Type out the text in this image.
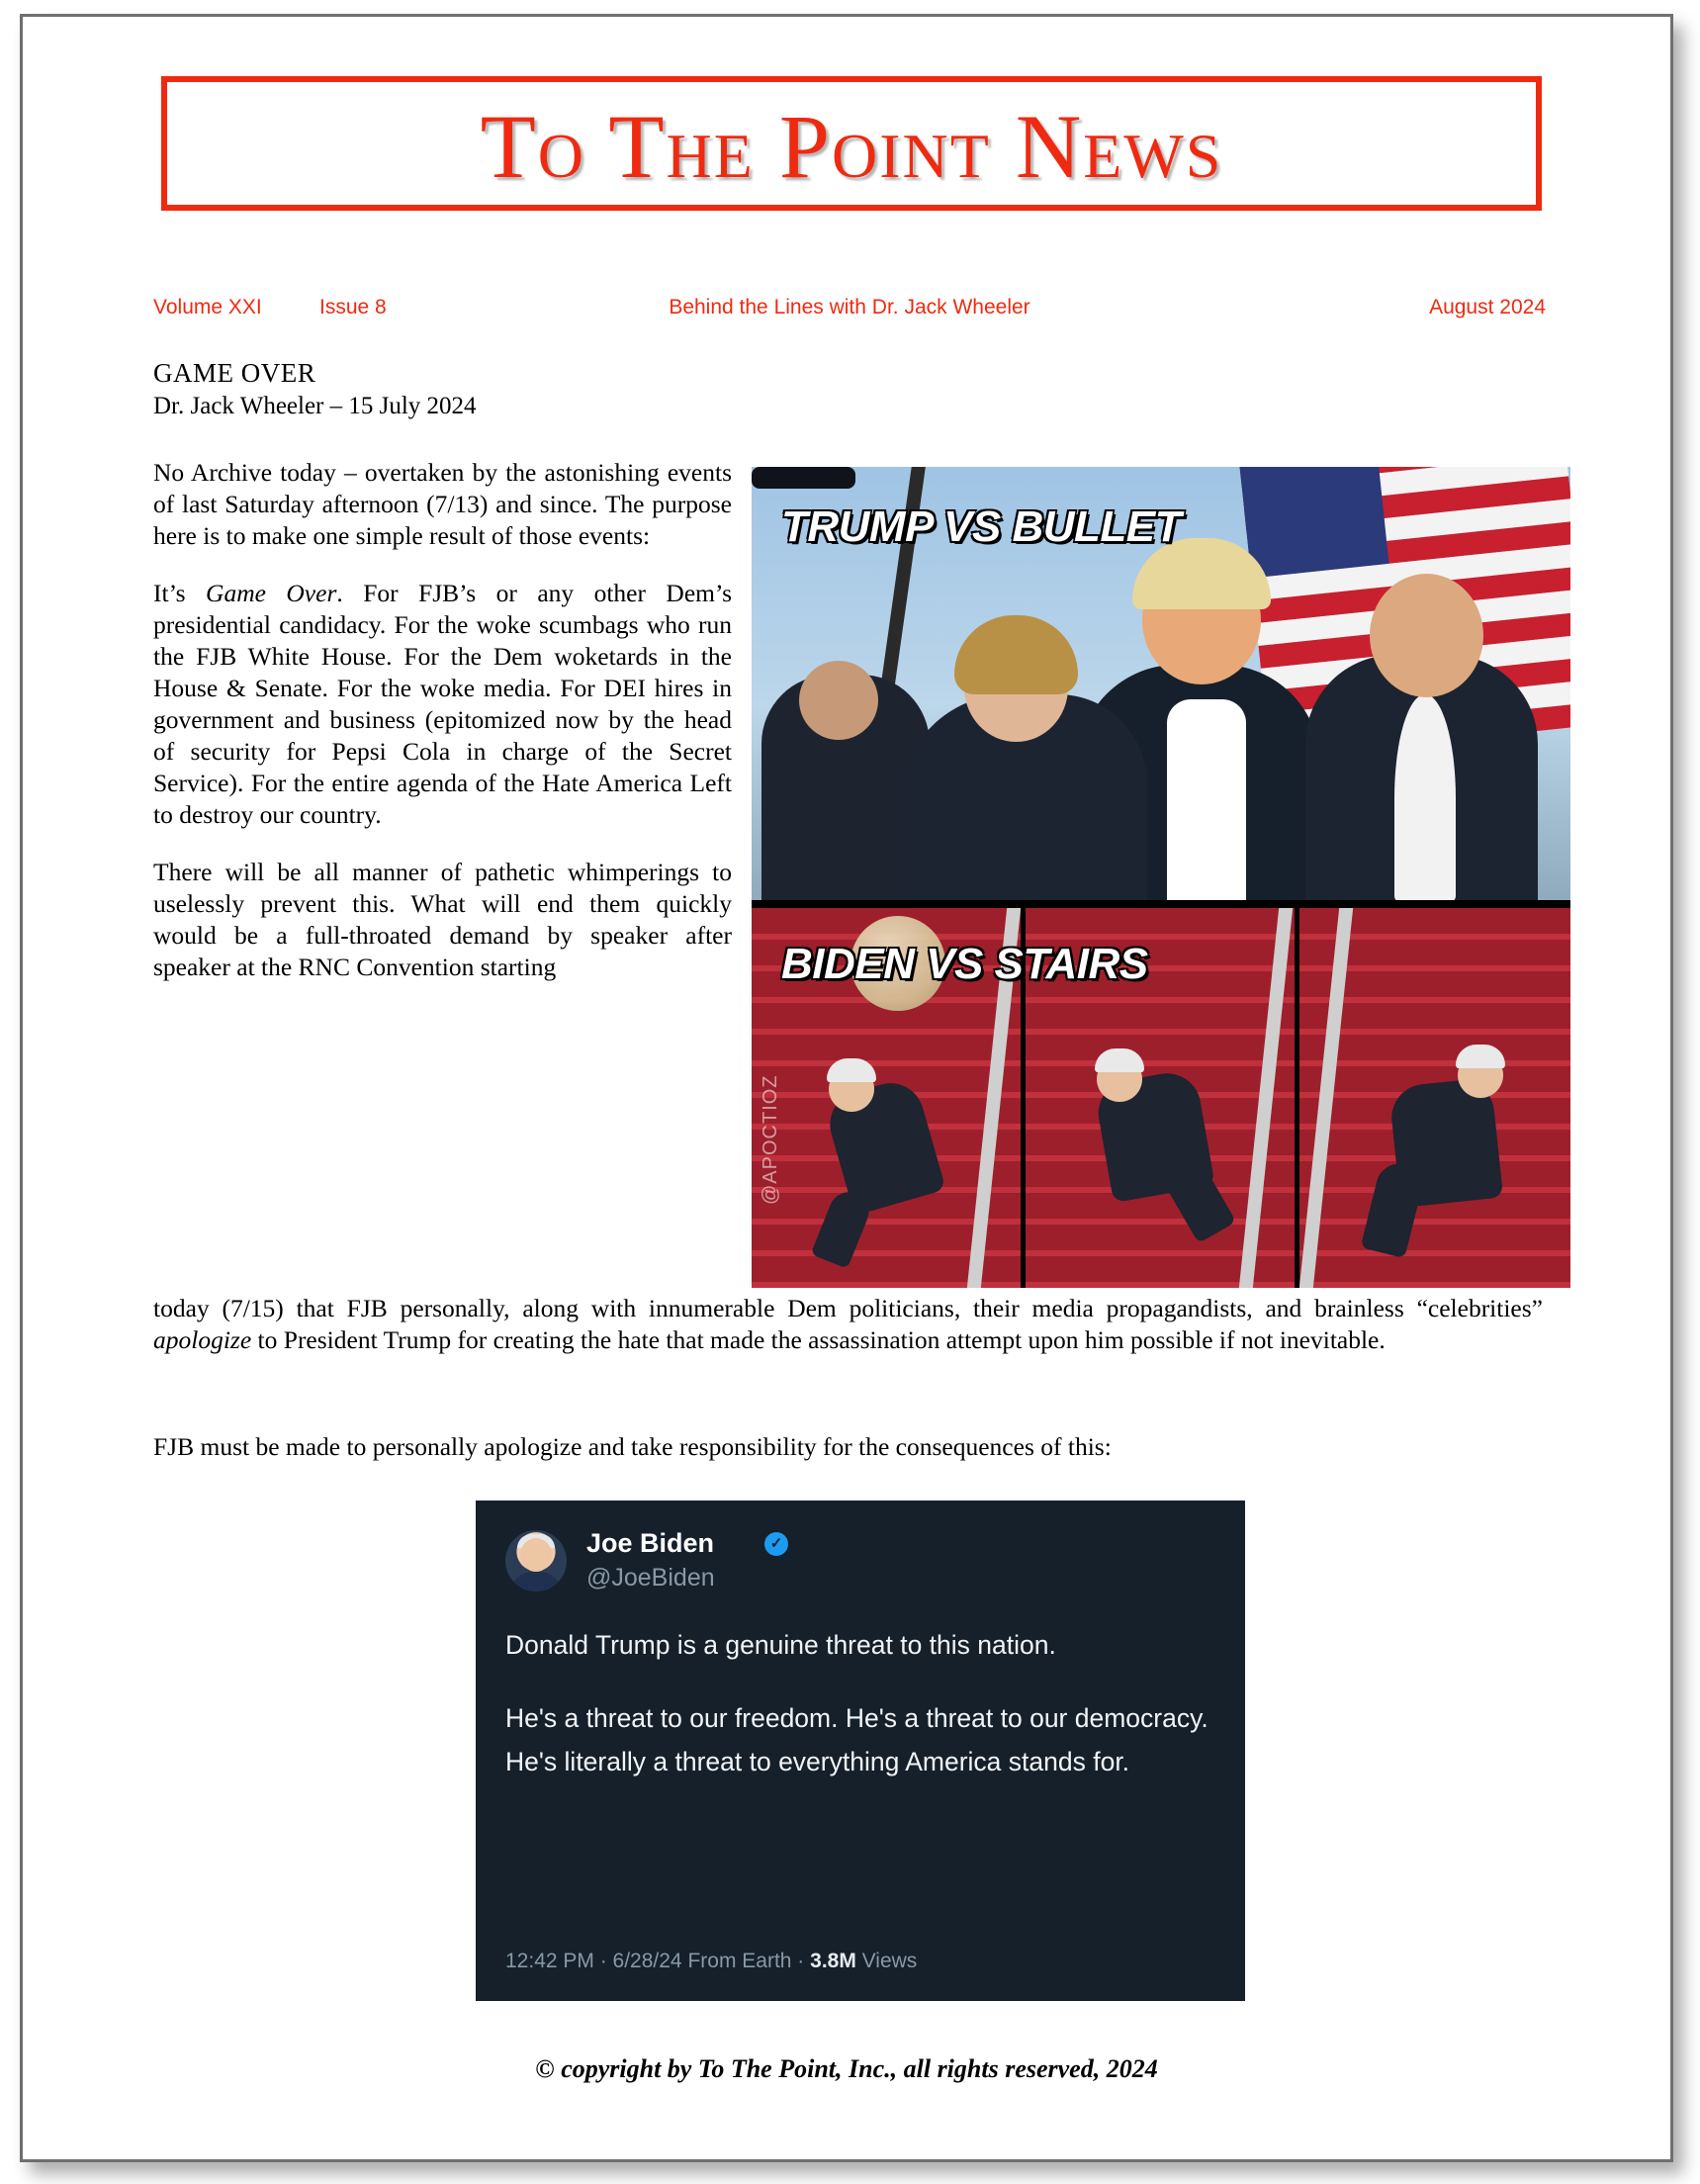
To The Point News
Volume XXI	Issue 8	Behind the Lines with Dr. Jack Wheeler	August 2024
GAME OVER
Dr. Jack Wheeler – 15 July 2024

No Archive today – overtaken by the astonishing events of last Saturday afternoon (7/13) and since. The purpose here is to make one simple result of those events:

It’s Game Over. For FJB’s or any other Dem’s presidential candidacy. For the woke scumbags who run the FJB White House. For the Dem woketards in the House & Senate. For the woke media. For DEI hires in government and business (epitomized now by the head of security for Pepsi Cola in charge of the Secret Service). For the entire agenda of the Hate America Left to destroy our country.

There will be all manner of pathetic whimperings to uselessly prevent this. What will end them quickly would be a full-throated demand by speaker after speaker at the RNC Convention starting

@APOCTIOZ
TRUMP VS BULLET
BIDEN VS STAIRS

today (7/15) that FJB personally, along with innumerable Dem politicians, their media propagandists, and brainless “celebrities” apologize to President Trump for creating the hate that made the assassination attempt upon him possible if not inevitable.

FJB must be made to personally apologize and take responsibility for the consequences of this:

Joe Biden	✓
@JoeBiden

Donald Trump is a genuine threat to this nation.

He's a threat to our freedom. He's a threat to our democracy. He's literally a threat to everything America stands for.

12:42 PM · 6/28/24 From Earth · 3.8M Views
© copyright by To The Point, Inc., all rights reserved, 2024
